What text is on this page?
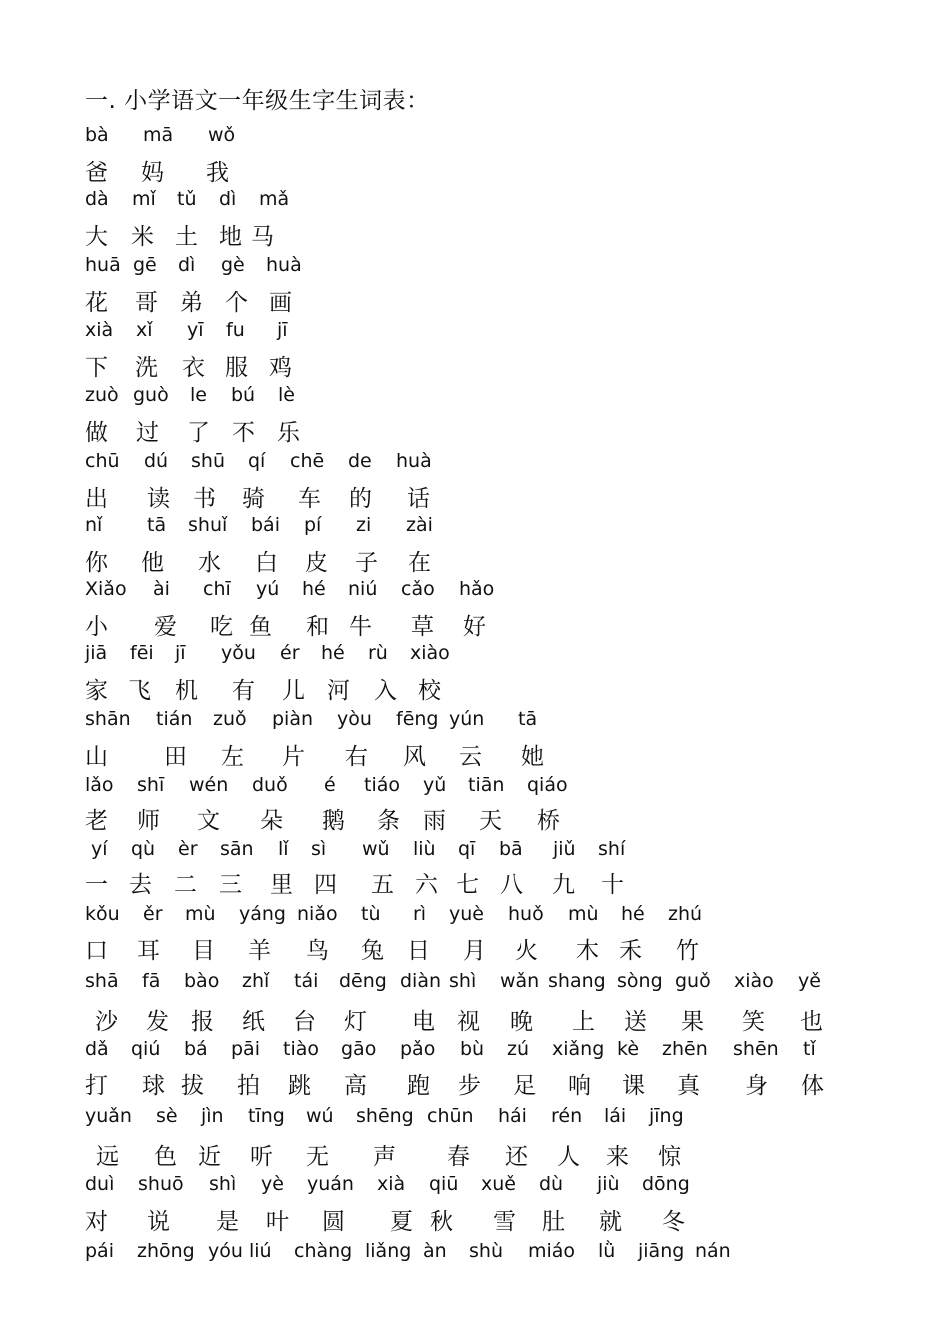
一. 小学语文一年级生字生词表：
bà mā wǒ
爸 妈 我
dà mǐ tǔ dì mǎ
大 米 土 地 马
huā gē dì gè huà
花 哥 弟 个 画
xià xǐ yī fu jī
下 洗 衣 服 鸡
zuò guò le bú lè
做 过 了 不 乐
chū dú shū qí chē de huà
出 读 书 骑 车 的 话
nǐ tā shuǐ bái pí zi zài
你 他 水 白 皮 子 在
Xiǎo ài chī yú hé niú cǎo hǎo
小 爱 吃 鱼 和 牛 草 好
jiā fēi jī yǒu ér hé rù xiào
家 飞 机 有 儿 河 入 校
shān tián zuǒ piàn yòu fēng yún tā
山 田 左 片 右 风 云 她
lǎo shī wén duǒ é tiáo yǔ tiān qiáo
老 师 文 朵 鹅 条 雨 天 桥
yí qù èr sān lǐ sì wǔ liù qī bā jiǔ shí
一 去 二 三 里 四 五 六 七 八 九 十
kǒu ěr mù yáng niǎo tù rì yuè huǒ mù hé zhú
口 耳 目 羊 鸟 兔 日 月 火 木 禾 竹
shā fā bào zhǐ tái dēng diàn shì wǎn shang sòng guǒ xiào yě
沙 发 报 纸 台 灯 电 视 晚 上 送 果 笑 也
dǎ qiú bá pāi tiào gāo pǎo bù zú xiǎng kè zhēn shēn tǐ
打 球 拔 拍 跳 高 跑 步 足 响 课 真 身 体
yuǎn sè jìn tīng wú shēng chūn hái rén lái jīng
远 色 近 听 无 声 春 还 人 来 惊
duì shuō shì yè yuán xià qiū xuě dù jiù dōng
对 说 是 叶 圆 夏 秋 雪 肚 就 冬
pái zhōng yóu liú chàng liǎng àn shù miáo lǜ jiāng nán
